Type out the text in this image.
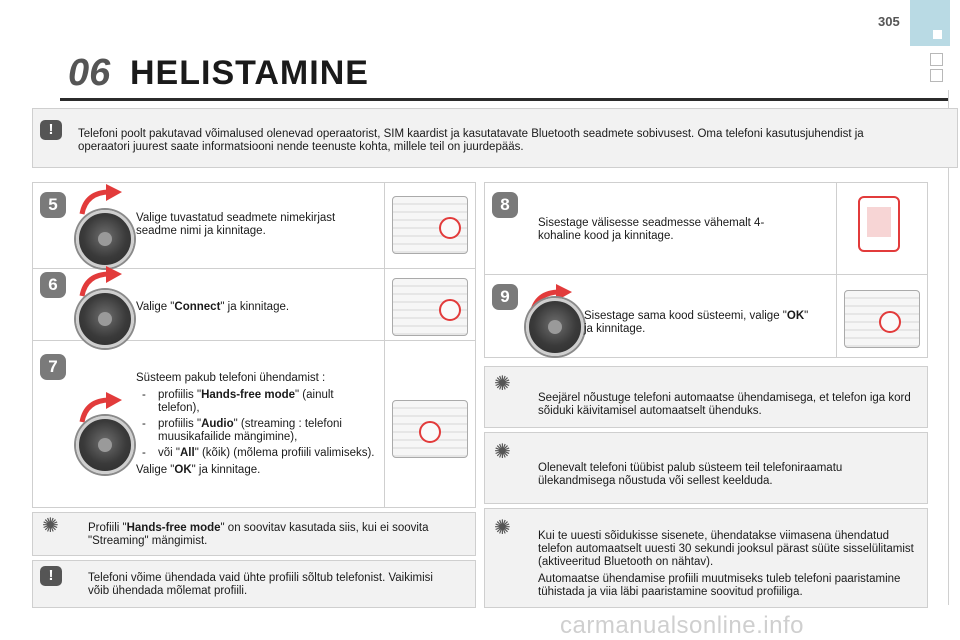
305
06 HELISTAMINE
!	Telefoni poolt pakutavad võimalused olenevad operaatorist, SIM kaardist ja kasutatavate Bluetooth seadmete sobivusest. Oma telefoni kasutusjuhendist ja operaatori juurest saate informatsiooni nende teenuste kohta, millele teil on juurdepääs.
5
Valige tuvastatud seadmete nimekirjast seadme nimi ja kinnitage.
6
Valige "Connect" ja kinnitage.
7
Süsteem pakub telefoni ühendamist :
- profiilis "Hands-free mode" (ainult telefon),
- profiilis "Audio" (streaming : telefoni muusikafailide mängimine),
- või "All" (kõik) (mõlema profiili valimiseks).
Valige "OK" ja kinnitage.
✺	Profiili "Hands-free mode" on soovitav kasutada siis, kui ei soovita "Streaming" mängimist.
!	Telefoni võime ühendada vaid ühte profiili sõltub telefonist. Vaikimisi võib ühendada mõlemat profiili.
8
Sisestage välisesse seadmesse vähemalt 4-kohaline kood ja kinnitage.
9
Sisestage sama kood süsteemi, valige "OK" ja kinnitage.
✺
Seejärel nõustuge telefoni automaatse ühendamisega, et telefon iga kord sõiduki käivitamisel automaatselt ühenduks.
✺
Olenevalt telefoni tüübist palub süsteem teil telefoniraamatu ülekandmisega nõustuda või sellest keelduda.
✺ Kui te uuesti sõidukisse sisenete, ühendatakse viimasena ühendatud telefon automaatselt uuesti 30 sekundi jooksul pärast süüte sisselülitamist (aktiveeritud Bluetooth on nähtav).
Automaatse ühendamise profiili muutmiseks tuleb telefoni paaristamine tühistada ja viia läbi paaristamine soovitud profiiliga.
carmanualsonline.info
